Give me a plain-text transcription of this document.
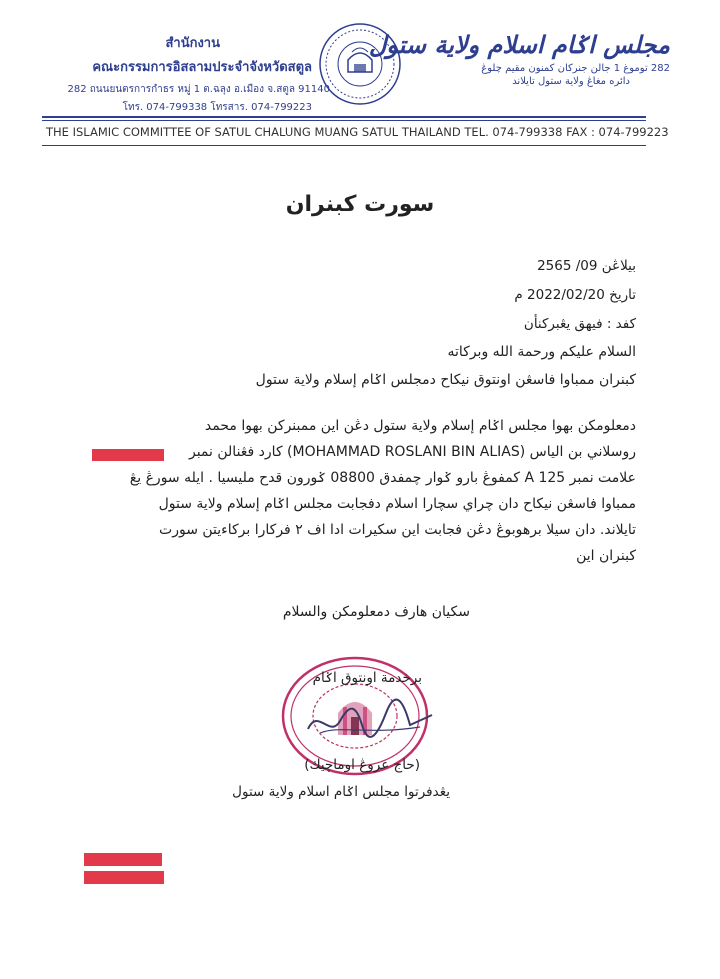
สำนักงาน
คณะกรรมการอิสลามประจำจังหวัดสตูล
282 ถนนยนตรการกำธร หมู่ 1 ต.ฉลุง อ.เมือง จ.สตูล 91140
โทร. 074-799338 โทรสาร. 074-799223
مجلس اݢام اسلام ولاية ستول
282 توموغ 1 جالن جنركان كمنون مقيم چلوڠ
دائره مغاڠ ولاية ستول تايلاند
THE ISLAMIC COMMITTEE OF SATUL CHALUNG MUANG SATUL THAILAND TEL. 074-799338 FAX : 074-799223
سورت كبنران
بيلاڠن 09/ 2565
تاريخ 2022/02/20 م
كفد : فيهق يڠبركنأن
السلام عليكم ورحمة الله وبركاته
كبنران ممباوا فاسڠن اونتوق نيكاح دمجلس اݢام إسلام ولاية ستول
دمعلومكن بهوا مجلس اݢام إسلام ولاية ستول دڠن اين ممبنركن بهوا محمد
روسلاني بن الياس (MOHAMMAD ROSLANI BIN ALIAS) كارد فڠنالن نمبر
علامت نمبر 125 A كمفوڠ بارو ݢوار چمفدق 08800 ݢورون قدح مليسيا . ايله سورڠ يڠ
ممباوا فاسڠن نيكاح دان چراي سچارا اسلام دفجابت مجلس اݢام إسلام ولاية ستول
تايلاند. دان سيلا برهوبوڠ دڠن فجابت اين سكيرات ادا اف ٢ فركارا بركاءيتن سورت
كبنران اين
سكيان هارف دمعلومكن والسلام
برخدمة اونتوق اݢام
(حاج عروڠ اوماچيك)
يڠدفرتوا مجلس اݢام اسلام ولاية ستول
